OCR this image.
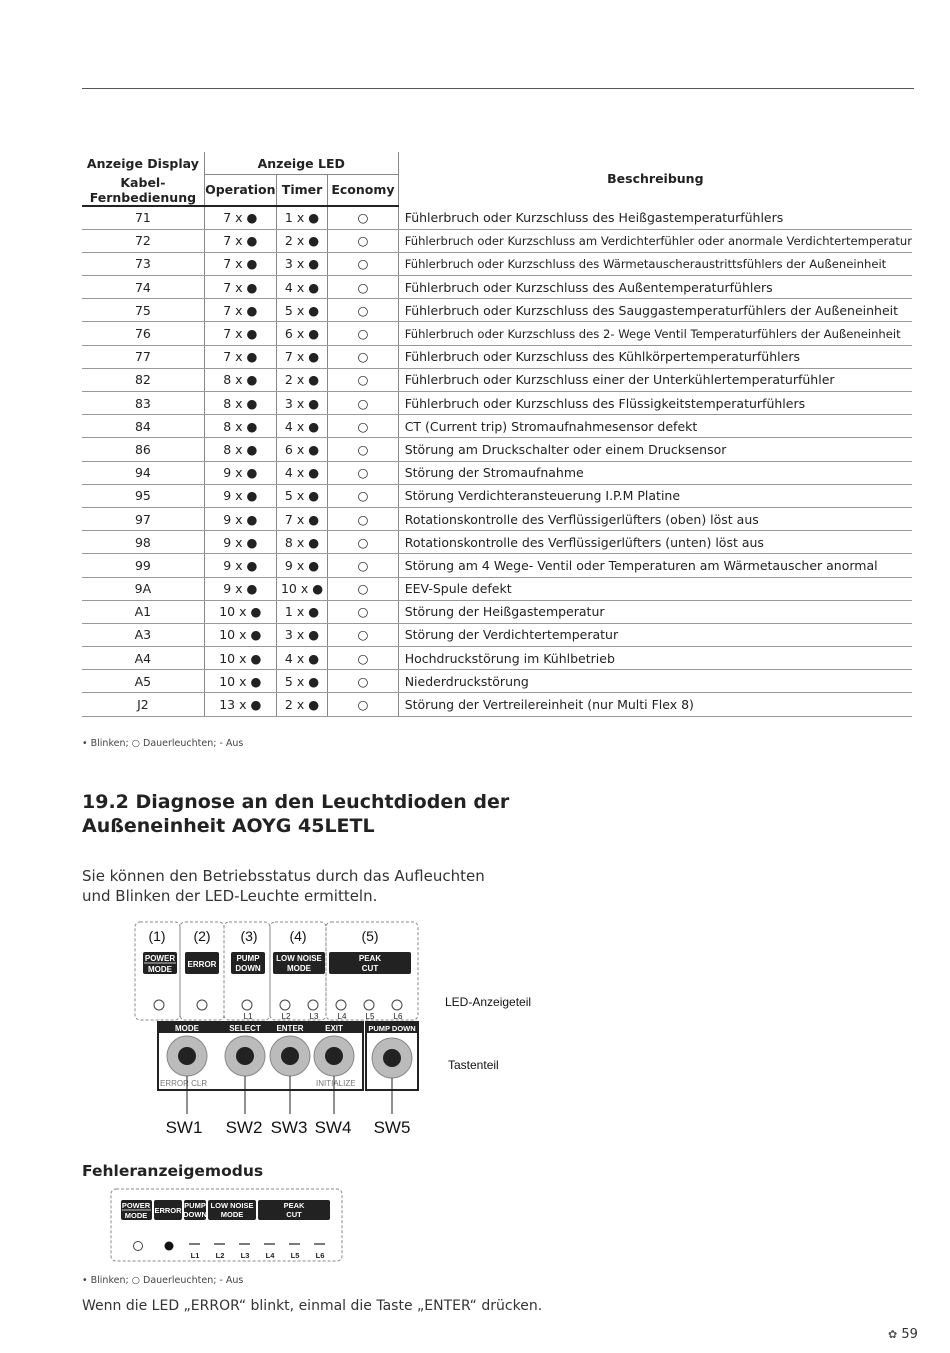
Anzeige Display	Anzeige LED			Beschreibung
Kabel-Fernbedienung	Operation	Timer	Economy	
71	7 x ●	1 x ●	○	Fühlerbruch oder Kurzschluss des Heißgastemperaturfühlers
72	7 x ●	2 x ●	○	Fühlerbruch oder Kurzschluss am Verdichterfühler oder anormale Verdichtertemperatur
73	7 x ●	3 x ●	○	Fühlerbruch oder Kurzschluss des Wärmetauscheraustrittsfühlers der Außeneinheit
74	7 x ●	4 x ●	○	Fühlerbruch oder Kurzschluss des Außentemperaturfühlers
75	7 x ●	5 x ●	○	Fühlerbruch oder Kurzschluss des Sauggastemperaturfühlers der Außeneinheit
76	7 x ●	6 x ●	○	Fühlerbruch oder Kurzschluss des 2- Wege Ventil Temperaturfühlers der Außeneinheit
77	7 x ●	7 x ●	○	Fühlerbruch oder Kurzschluss des Kühlkörpertemperaturfühlers
82	8 x ●	2 x ●	○	Fühlerbruch oder Kurzschluss einer der Unterkühlertemperaturfühler
83	8 x ●	3 x ●	○	Fühlerbruch oder Kurzschluss des Flüssigkeitstemperaturfühlers
84	8 x ●	4 x ●	○	CT (Current trip) Stromaufnahmesensor defekt
86	8 x ●	6 x ●	○	Störung am Druckschalter oder einem Drucksensor
94	9 x ●	4 x ●	○	Störung der Stromaufnahme
95	9 x ●	5 x ●	○	Störung Verdichteransteuerung I.P.M Platine
97	9 x ●	7 x ●	○	Rotationskontrolle des Verflüssigerlüfters (oben) löst aus
98	9 x ●	8 x ●	○	Rotationskontrolle des Verflüssigerlüfters (unten) löst aus
99	9 x ●	9 x ●	○	Störung am 4 Wege- Ventil oder Temperaturen am Wärmetauscher anormal
9A	9 x ●	10 x ●	○	EEV-Spule defekt
A1	10 x ●	1 x ●	○	Störung der Heißgastemperatur
A3	10 x ●	3 x ●	○	Störung der Verdichtertemperatur
A4	10 x ●	4 x ●	○	Hochdruckstörung im Kühlbetrieb
A5	10 x ●	5 x ●	○	Niederdruckstörung
J2	13 x ●	2 x ●	○	Störung der Vertreilereinheit (nur Multi Flex 8)
• Blinken; ○ Dauerleuchten; - Aus
19.2 Diagnose an den Leuchtdioden der
Außeneinheit AOYG 45LETL

Sie können den Betriebsstatus durch das Aufleuchten
und Blinken der LED-Leuchte ermitteln.

(1) (2) (3) (4)	(5)
POWER
MODE
ERROR
PUMP
DOWN
LOW NOISE
MODE
PEAK
CUT
L1	L2 L3 L4 L5 L6
MODE	SELECT ENTER	EXIT	PUMP DOWN
ERROR CLR	INITIALIZE
SW1 SW2 SW3 SW4 SW5
LED-Anzeigeteil
Tastenteil
Fehleranzeigemodus
POWER
MODE
ERROR
PUMP
DOWN
LOW NOISE
MODE
PEAK
CUT
L1 L2 L3 L4 L5 L6
• Blinken; ○ Dauerleuchten; - Aus

Wenn die LED „ERROR“ blinkt, einmal die Taste „ENTER“ drücken.

✿ 59
